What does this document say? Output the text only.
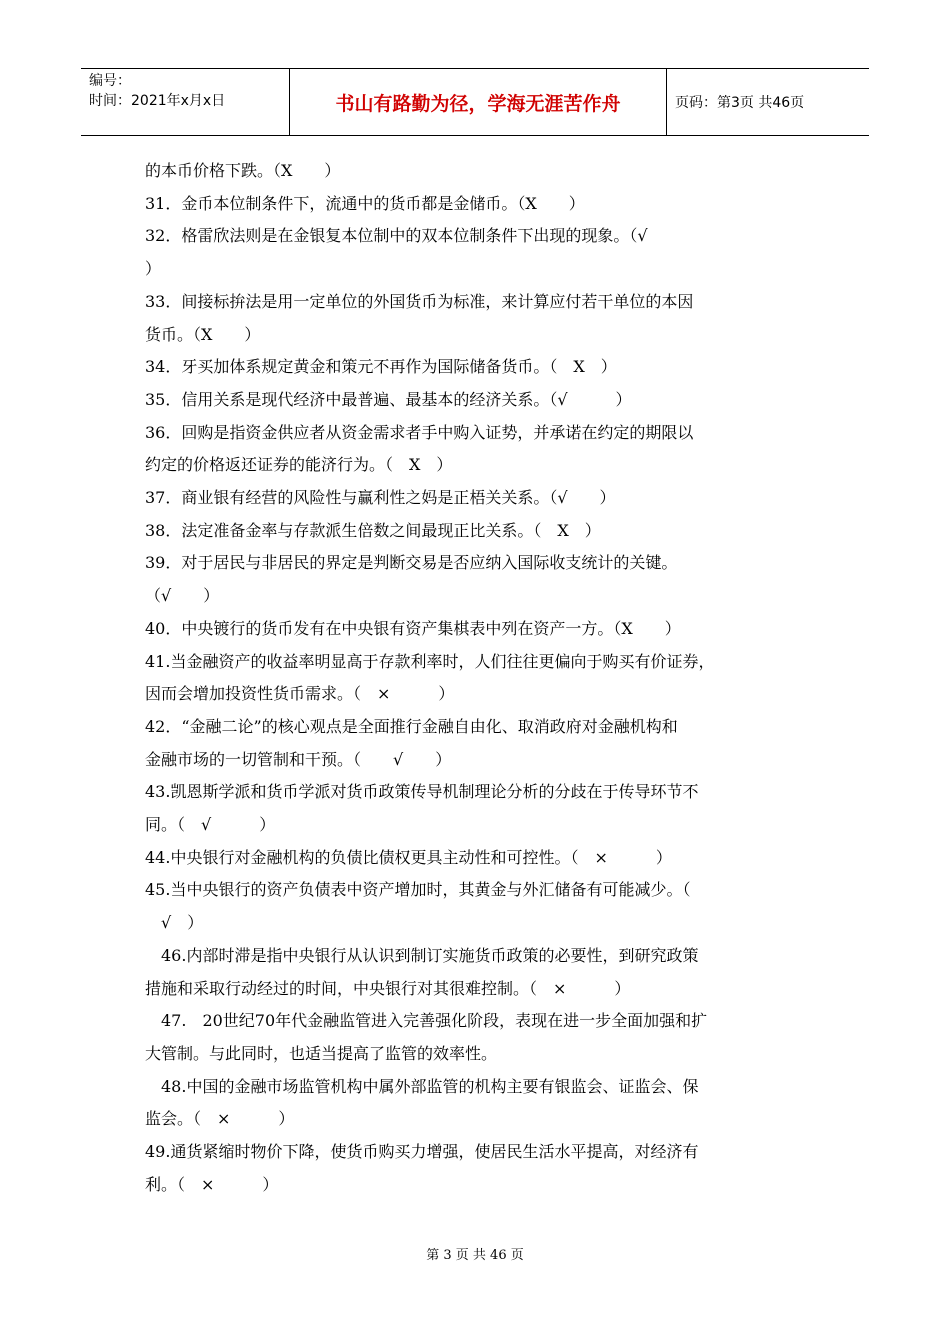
编号：
时间：2021年x月x日	书山有路勤为径，学海无涯苦作舟	页码：第3页 共46页

的本币价格下跌。（X　　）

31．金币本位制条件下，流通中的货币都是金储币。（X　　）

32．格雷欣法则是在金银复本位制中的双本位制条件下出现的现象。（√

）

33．间接标拚法是用一定单位的外国货币为标准，来计算应付若干单位的本因

货币。（X　　）

34．牙买加体系规定黄金和策元不再作为国际储备货币。（　X　）

35．信用关系是现代经济中最普遍、最基本的经济关系。（√　　　）

36．回购是指资金供应者从资金需求者手中购入证势，并承诺在约定的期限以

约定的价格返还证券的能济行为。（　X　）

37．商业银有经营的风险性与赢利性之妈是正梧关关系。（√　　）

38．法定准备金率与存款派生倍数之间最现正比关系。（　X　）

39．对于居民与非居民的界定是判断交易是否应纳入国际收支统计的关键。

（√　　）

40．中央镀行的货币发有在中央银有资产集棋表中列在资产一方。（X　　）

41.当金融资产的收益率明显高于存款利率时，人们往往更偏向于购买有价证券，

因而会增加投资性货币需求。（　×　　　）

42．“金融二论”的核心观点是全面推行金融自由化、取消政府对金融机构和

金融市场的一切管制和干预。（　　√　　）

43.凯恩斯学派和货币学派对货币政策传导机制理论分析的分歧在于传导环节不

同。（　√　　　）

44.中央银行对金融机构的负债比债权更具主动性和可控性。（　×　　　）

45.当中央银行的资产负债表中资产增加时，其黄金与外汇储备有可能减少。（

　√　）

　46.内部时滞是指中央银行从认识到制订实施货币政策的必要性，到研究政策

措施和采取行动经过的时间，中央银行对其很难控制。（　×　　　）

　47.　20世纪70年代金融监管进入完善强化阶段，表现在进一步全面加强和扩

大管制。与此同时，也适当提高了监管的效率性。

　48.中国的金融市场监管机构中属外部监管的机构主要有银监会、证监会、保

监会。（　×　　　）

49.通货紧缩时物价下降，使货币购买力增强，使居民生活水平提高，对经济有

利。（　×　　　）

第 3 页 共 46 页
